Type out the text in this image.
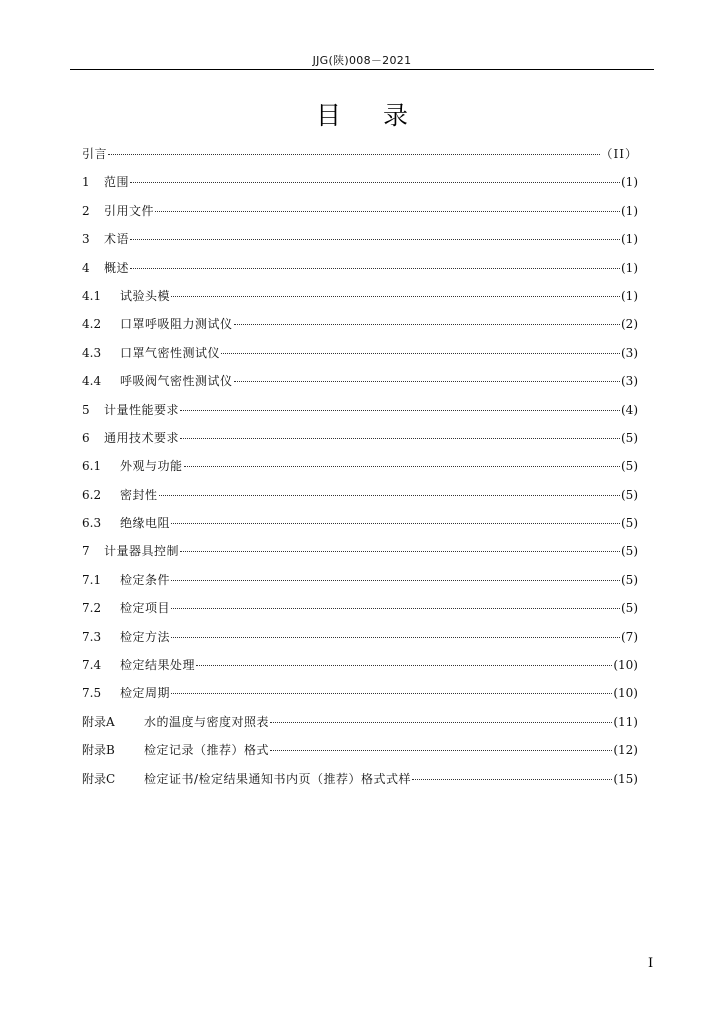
JJG(陕)008－2021
目录
引言	（II）
1	范围	(1)
2	引用文件	(1)
3	术语	(1)
4	概述	(1)
4.1	试验头模	(1)
4.2	口罩呼吸阻力测试仪	(2)
4.3	口罩气密性测试仪	(3)
4.4	呼吸阀气密性测试仪	(3)
5	计量性能要求	(4)
6	通用技术要求	(5)
6.1	外观与功能	(5)
6.2	密封性	(5)
6.3	绝缘电阻	(5)
7	计量器具控制	(5)
7.1	检定条件	(5)
7.2	检定项目	(5)
7.3	检定方法	(7)
7.4	检定结果处理	(10)
7.5	检定周期	(10)
附录A	水的温度与密度对照表	(11)
附录B	检定记录（推荐）格式	(12)
附录C	检定证书/检定结果通知书内页（推荐）格式式样	(15)
I
